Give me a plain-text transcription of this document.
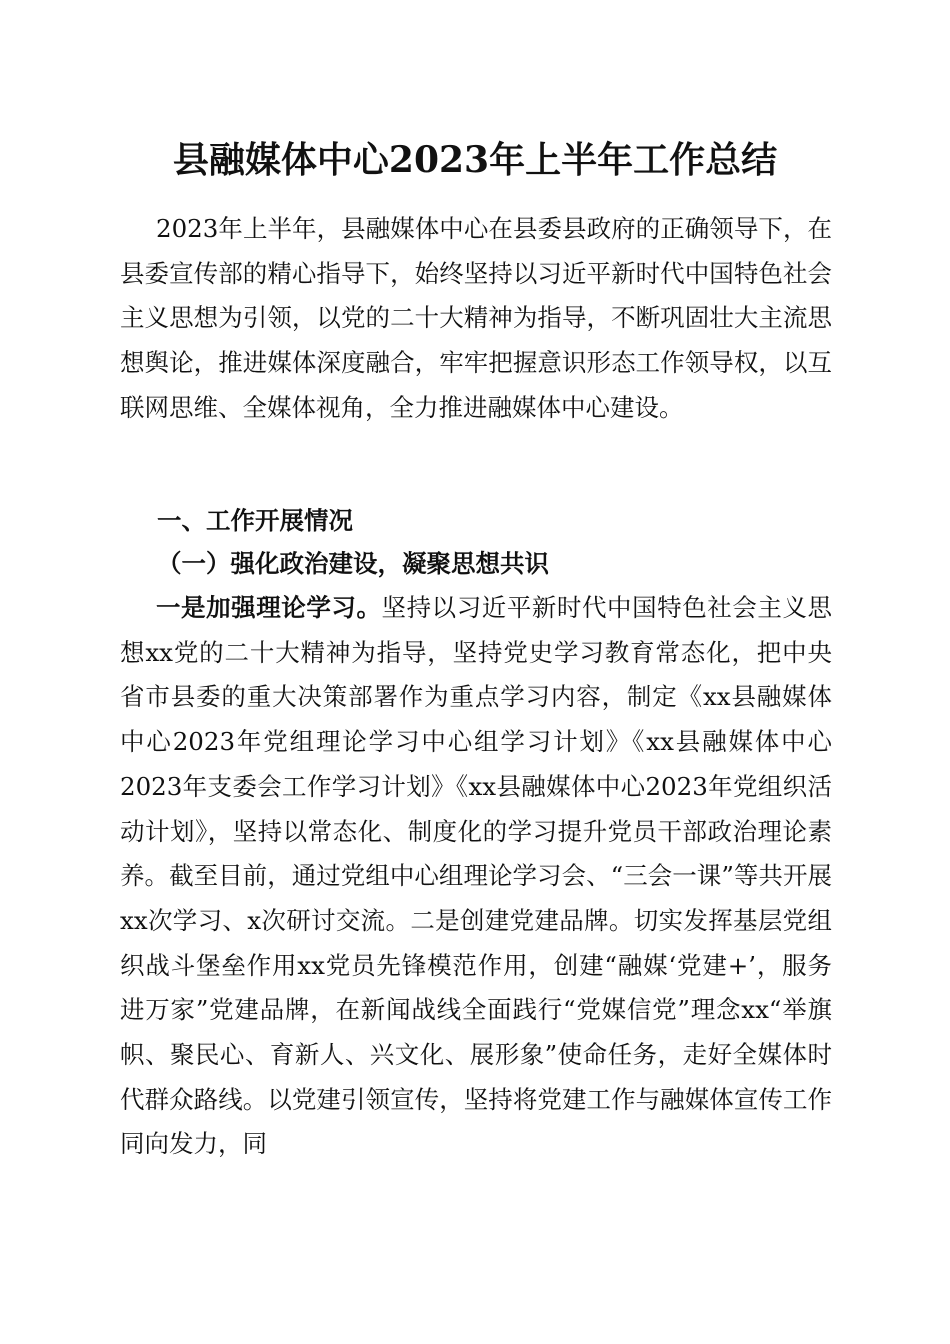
县融媒体中心2023年上半年工作总结
2023年上半年，县融媒体中心在县委县政府的正确领导下，在县委宣传部的精心指导下，始终坚持以习近平新时代中国特色社会主义思想为引领，以党的二十大精神为指导，不断巩固壮大主流思想舆论，推进媒体深度融合，牢牢把握意识形态工作领导权，以互联网思维、全媒体视角，全力推进融媒体中心建设。
一、工作开展情况
（一）强化政治建设，凝聚思想共识
一是加强理论学习。坚持以习近平新时代中国特色社会主义思想xx党的二十大精神为指导，坚持党史学习教育常态化，把中央省市县委的重大决策部署作为重点学习内容，制定《xx县融媒体中心2023年党组理论学习中心组学习计划》《xx县融媒体中心2023年支委会工作学习计划》《xx县融媒体中心2023年党组织活动计划》，坚持以常态化、制度化的学习提升党员干部政治理论素养。截至目前，通过党组中心组理论学习会、“三会一课”等共开展xx次学习、x次研讨交流。二是创建党建品牌。切实发挥基层党组织战斗堡垒作用xx党员先锋模范作用，创建“融媒‘党建+’，服务进万家”党建品牌，在新闻战线全面践行“党媒信党”理念xx“举旗帜、聚民心、育新人、兴文化、展形象”使命任务，走好全媒体时代群众路线。以党建引领宣传，坚持将党建工作与融媒体宣传工作同向发力，同
